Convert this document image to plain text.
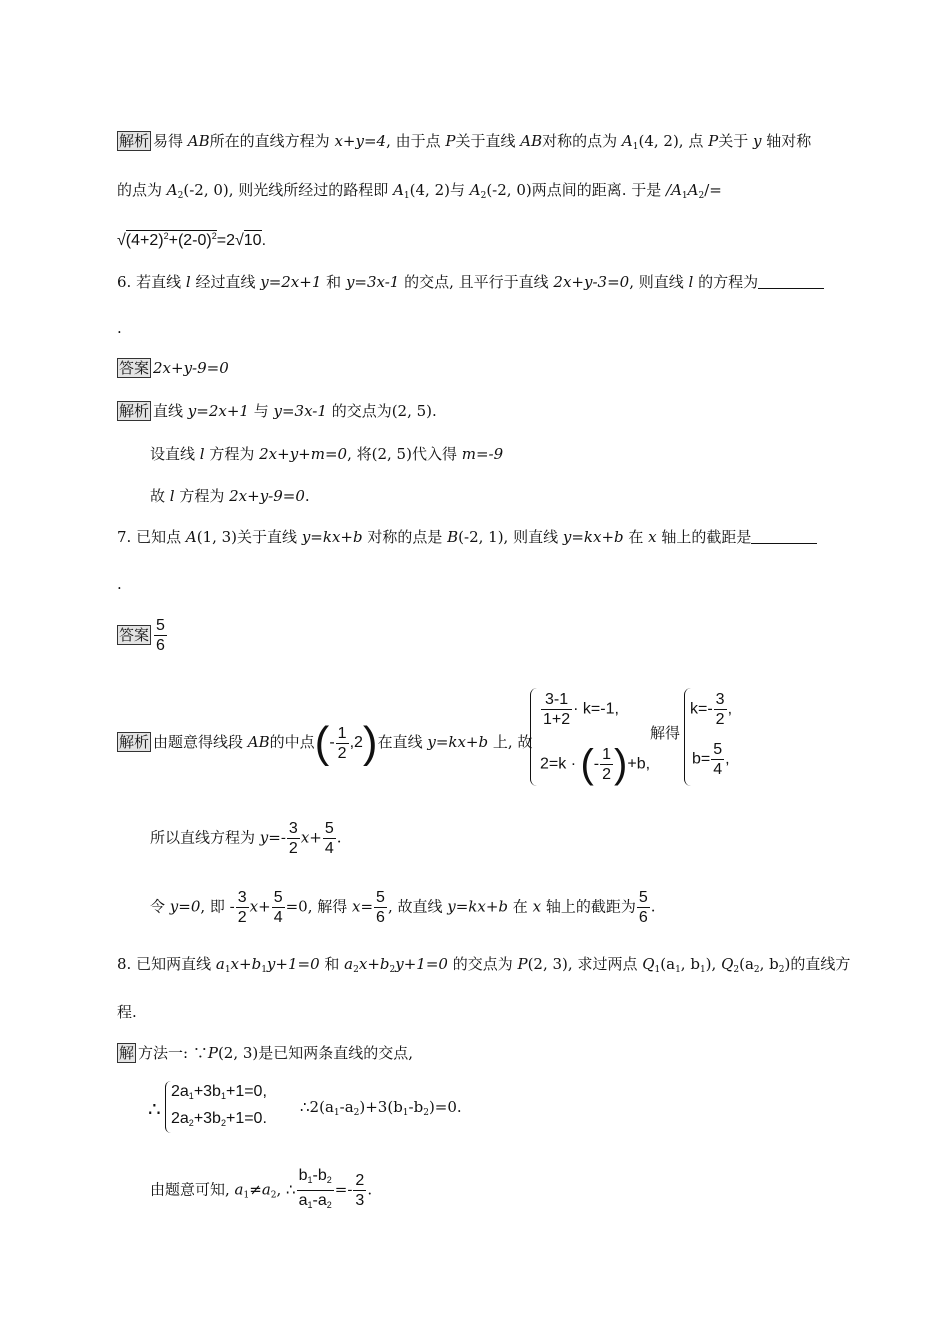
解析 易得 AB所在的直线方程为 x+y=4, 由于点 P关于直线 AB对称的点为 $A_1(4$, 2), 点 P关于 y 轴对称
的点为 $A_2(-2$, 0), 则光线所经过的路程即 $A_1(4$, 2)与 $A_2(-2$, 0)两点间的距离. 于是 $/A_1A_2/=$
$√(4+2)^2+(2-0)^2=2√10$.
6. 若直线 l 经过直线 y=2x+1 和 y=3x-1 的交点, 且平行于直线 2x+y-3=0, 则直线 l 的方程为
.
答案 2x+y-9=0
解析 直线 y=2x+1 与 y=3x-1 的交点为(2, 5).
设直线 l 方程为 2x+y+m=0, 将(2, 5)代入得 m=-9
故 l 方程为 2x+y-9=0.
7. 已知点 A(1, 3)关于直线 y=kx+b 对称的点是 B(-2, 1), 则直线 y=kx+b 在 x 轴上的截距是
.
答案 $\frac{5}{6}$
解析 由题意得线段 AB的中点(- $\frac{1}{2} ,2$)在直线 y=kx+b 上, 故
$\frac{3-1}{1+2} \cdot k=-1$,
2=k · (- $\frac{1}{2} )+b$,
解得
$k=- \frac{3}{2}$ ,
$b= \frac{5}{4}$ ,
所以直线方程为 $y=- \frac{3}{2} x+ \frac{5}{4}$ .
令 y=0, 即 - $\frac{3}{2} x+ \frac{5}{4} =0$, 解得 $x= \frac{5}{6}$ , 故直线 y=kx+b 在 x 轴上的截距为 $\frac{5}{6}$ .
8. 已知两直线 $a_1x+b_1y+1=0$ 和 $a_2x+b_2y+1=0$ 的交点为 P(2, 3), 求过两点 $Q_1(a_1$, $b_1$), $Q_2(a_2$, $b_2$)的直线方
程.
解 方法一: ∵P(2, 3)是已知两条直线的交点,
∴
$2a_1+3b_1+1=0$,
$2a_2+3b_2+1=0$.
$\therefore 2(a_1-a_2)+3(b_1-b_2)=0$.
由题意可知, $a_1\ne a_2$, ∴ $\frac{b_1-b_2}{a_1-a_2} =- \frac{2}{3}$ .
